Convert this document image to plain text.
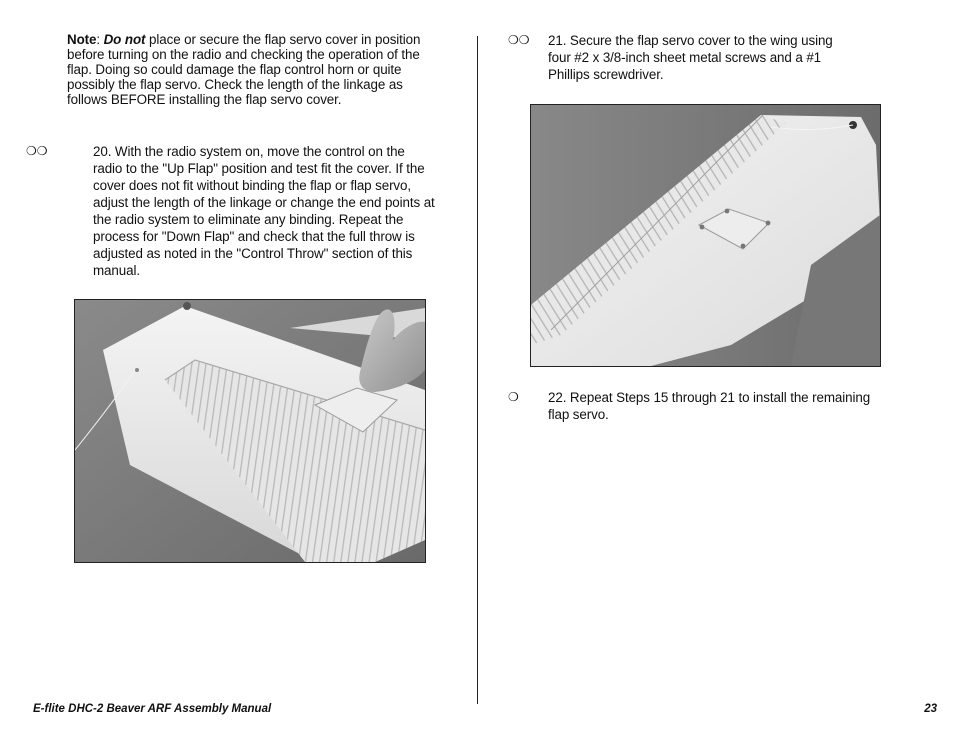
Note: Do not place or secure the flap servo cover in position before turning on the radio and checking the operation of the flap. Doing so could damage the flap control horn or quite possibly the flap servo. Check the length of the linkage as follows BEFORE installing the flap servo cover.

❍❍	20. With the radio system on, move the control on the radio to the "Up Flap" position and test fit the cover. If the cover does not fit without binding the flap or flap servo, adjust the length of the linkage or change the end points at the radio system to eliminate any binding. Repeat the process for "Down Flap" and check that the full throw is adjusted as noted in the "Control Throw" section of this manual.
❍❍ 21. Secure the flap servo cover to the wing using four #2 x 3/8-inch sheet metal screws and a #1 Phillips screwdriver.
❍ 22. Repeat Steps 15 through 21 to install the remaining flap servo.
E-flite DHC-2 Beaver ARF Assembly Manual	23
